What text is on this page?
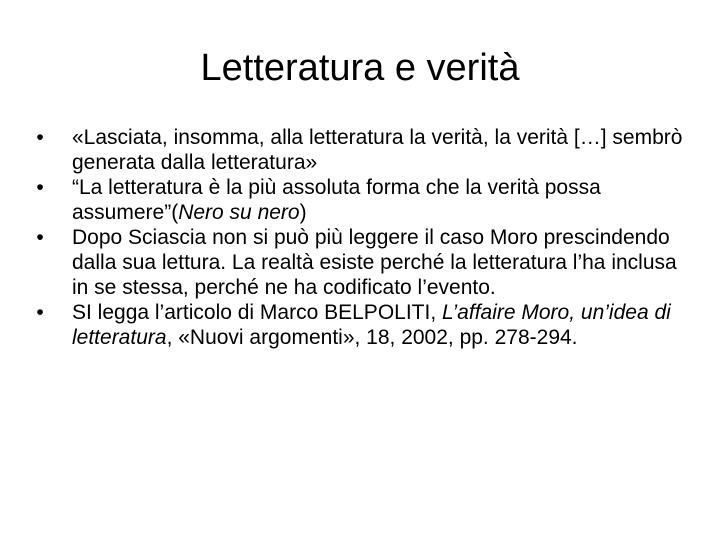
Letteratura e verità
•	«Lasciata, insomma, alla letteratura la verità, la verità […] sembrò generata dalla letteratura»
•	“La letteratura è la più assoluta forma che la verità possa assumere”(Nero su nero)
•	Dopo Sciascia non si può più leggere il caso Moro prescindendo dalla sua lettura. La realtà esiste perché la letteratura l’ha inclusa in se stessa, perché ne ha codificato l’evento.
•	SI legga l’articolo di Marco BELPOLITI, L’affaire Moro, un’idea di letteratura, «Nuovi argomenti», 18, 2002, pp. 278-294.
